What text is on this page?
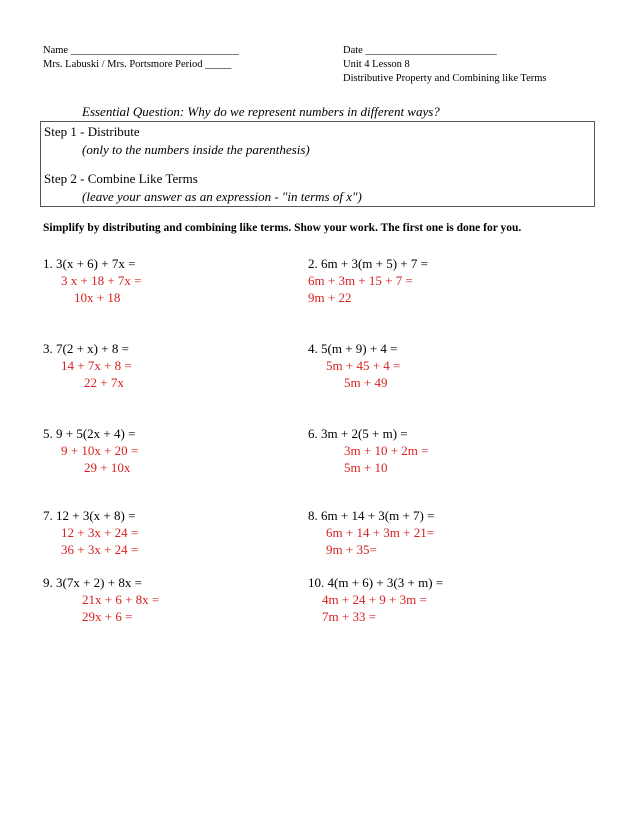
Name ________________________________
Mrs. Labuski / Mrs. Portsmore Period _____
Date _________________________
Unit 4 Lesson 8
Distributive Property and Combining like Terms
Essential Question: Why do we represent numbers in different ways?
Step 1 - Distribute
(only to the numbers inside the parenthesis)
Step 2 - Combine Like Terms
(leave your answer as an expression - "in terms of x")
Simplify by distributing and combining like terms. Show your work. The first one is done for you.
1. 3(x + 6) + 7x =
3 x + 18 + 7x =
10x + 18
2. 6m + 3(m + 5) + 7 =
6m + 3m + 15 + 7 =
9m + 22
3. 7(2 + x) + 8 =
14 + 7x + 8 =
22 + 7x
4. 5(m + 9) + 4 =
5m + 45 + 4 =
5m + 49
5. 9 + 5(2x + 4) =
9 + 10x + 20 =
29 + 10x
6. 3m + 2(5 + m) =
3m + 10 + 2m =
5m + 10
7. 12 + 3(x + 8) =
12 + 3x + 24 =
36 + 3x + 24 =
8. 6m + 14 + 3(m + 7) =
6m + 14 + 3m + 21=
9m + 35=
9. 3(7x + 2) + 8x =
21x + 6 + 8x =
29x + 6 =
10. 4(m + 6) + 3(3 + m) =
4m + 24 + 9 + 3m =
7m + 33 =
